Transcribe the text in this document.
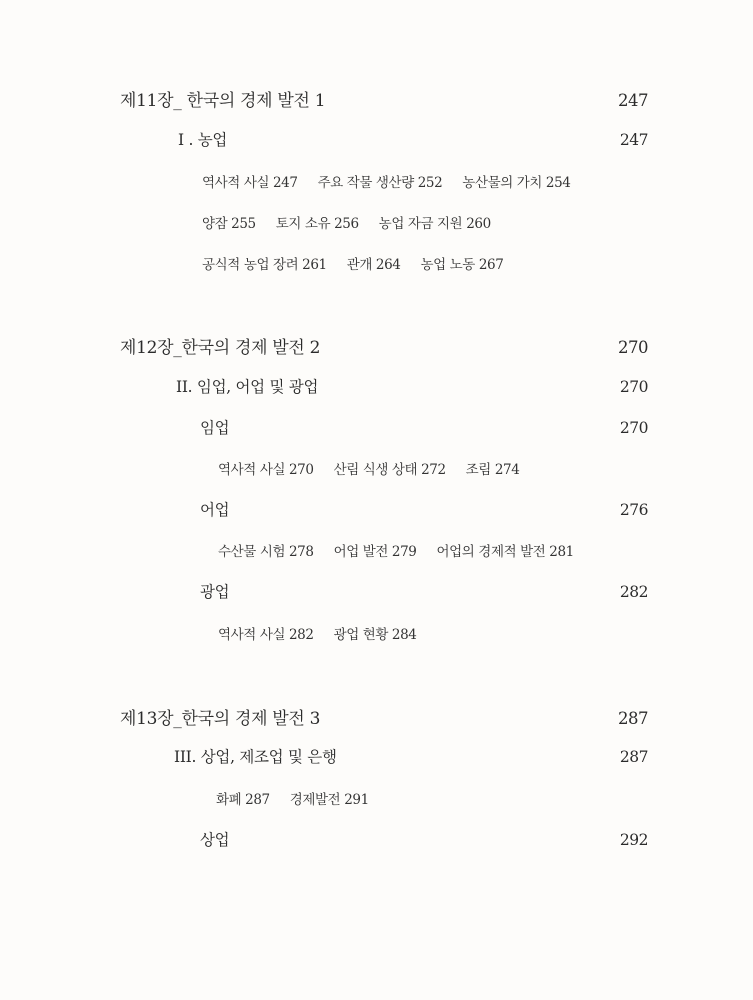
제11장_ 한국의 경제 발전 1	247
I . 농업	247
역사적 사실 247 주요 작물 생산량 252 농산물의 가치 254
양잠 255 토지 소유 256 농업 자금 지원 260
공식적 농업 장려 261 관개 264 농업 노동 267
제12장_한국의 경제 발전 2	270
II. 임업, 어업 및 광업	270
임업	270
역사적 사실 270 산림 식생 상태 272 조림 274
어업	276
수산물 시험 278 어업 발전 279 어업의 경제적 발전 281
광업	282
역사적 사실 282 광업 현황 284
제13장_한국의 경제 발전 3	287
III. 상업, 제조업 및 은행	287
화폐 287 경제발전 291
상업	292
